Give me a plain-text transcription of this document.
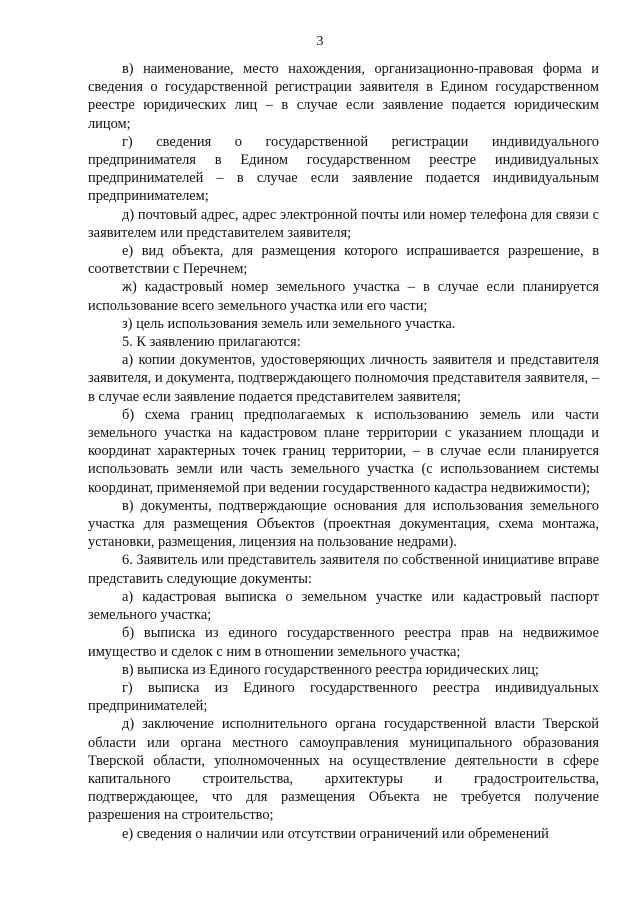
3

в) наименование, место нахождения, организационно-правовая форма и сведения о государственной регистрации заявителя в Едином государственном реестре юридических лиц – в случае если заявление подается юридическим лицом;

г) сведения о государственной регистрации индивидуального предпринимателя в Едином государственном реестре индивидуальных предпринимателей – в случае если заявление подается индивидуальным предпринимателем;

д) почтовый адрес, адрес электронной почты или номер телефона для связи с заявителем или представителем заявителя;

е) вид объекта, для размещения которого испрашивается разрешение, в соответствии с Перечнем;

ж) кадастровый номер земельного участка – в случае если планируется использование всего земельного участка или его части;

з) цель использования земель или земельного участка.

5. К заявлению прилагаются:

а) копии документов, удостоверяющих личность заявителя и представителя заявителя, и документа, подтверждающего полномочия представителя заявителя, – в случае если заявление подается представителем заявителя;

б) схема границ предполагаемых к использованию земель или части земельного участка на кадастровом плане территории с указанием площади и координат характерных точек границ территории, – в случае если планируется использовать земли или часть земельного участка (с использованием системы координат, применяемой при ведении государственного кадастра недвижимости);

в) документы, подтверждающие основания для использования земельного участка для размещения Объектов (проектная документация, схема монтажа, установки, размещения, лицензия на пользование недрами).

6. Заявитель или представитель заявителя по собственной инициативе вправе представить следующие документы:

а) кадастровая выписка о земельном участке или кадастровый паспорт земельного участка;

б) выписка из единого государственного реестра прав на недвижимое имущество и сделок с ним в отношении земельного участка;

в) выписка из Единого государственного реестра юридических лиц;

г) выписка из Единого государственного реестра индивидуальных предпринимателей;

д) заключение исполнительного органа государственной власти Тверской области или органа местного самоуправления муниципального образования Тверской области, уполномоченных на осуществление деятельности в сфере капитального строительства, архитектуры и градостроительства, подтверждающее, что для размещения Объекта не требуется получение разрешения на строительство;

е) сведения о наличии или отсутствии ограничений или обременений
